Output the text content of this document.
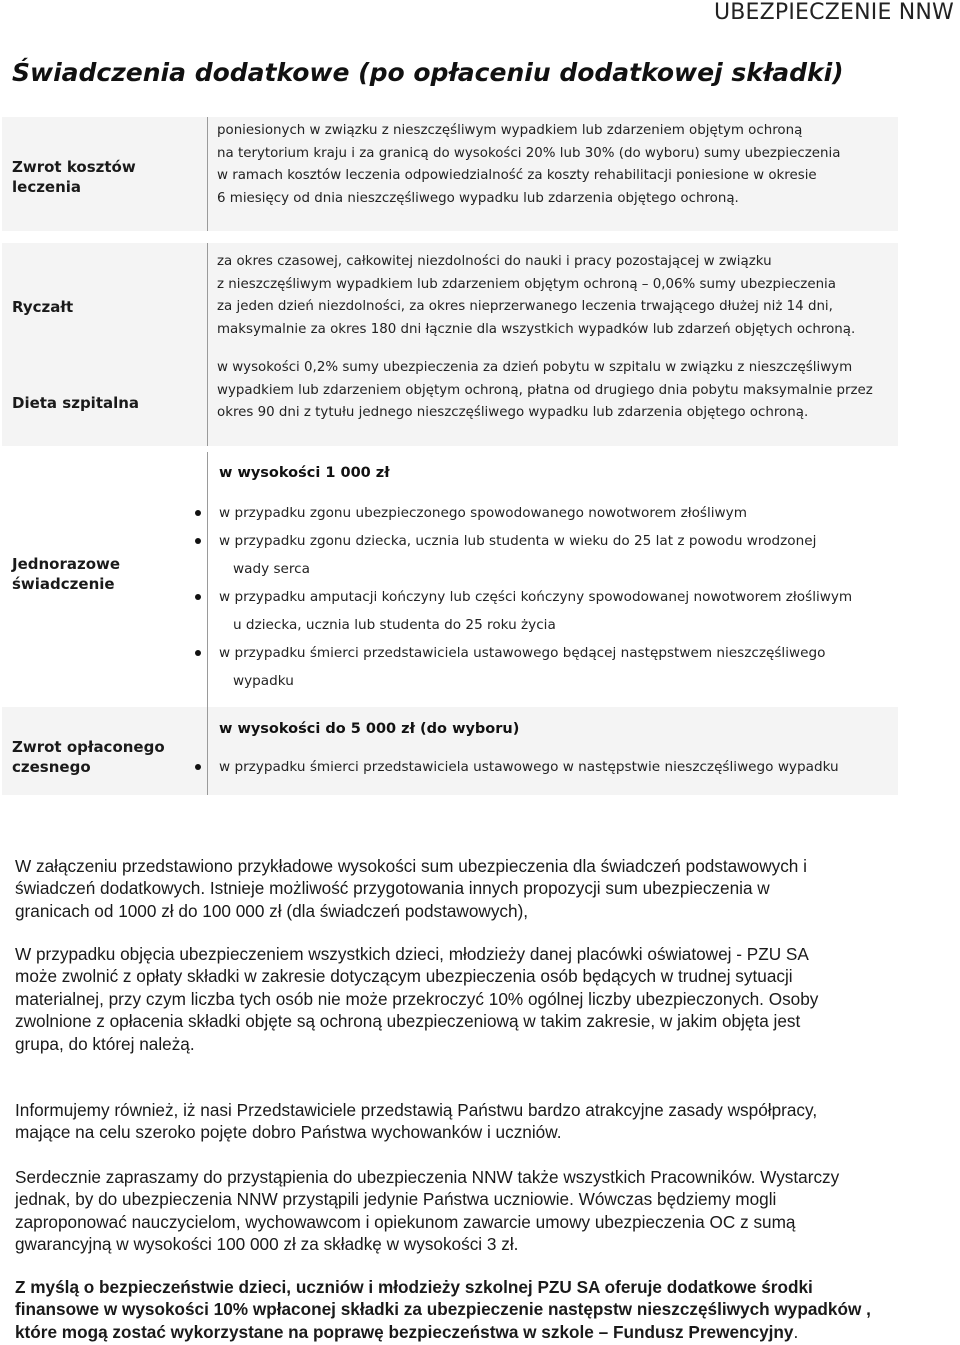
UBEZPIECZENIE NNW
Świadczenia dodatkowe (po opłaceniu dodatkowej składki)
Zwrot kosztów
leczenia
poniesionych w związku z nieszczęśliwym wypadkiem lub zdarzeniem objętym ochroną
na terytorium kraju i za granicą do wysokości 20% lub 30% (do wyboru) sumy ubezpieczenia
w ramach kosztów leczenia odpowiedzialność za koszty rehabilitacji poniesione w okresie
6 miesięcy od dnia nieszczęśliwego wypadku lub zdarzenia objętego ochroną.
Ryczałt
za okres czasowej, całkowitej niezdolności do nauki i pracy pozostającej w związku
z nieszczęśliwym wypadkiem lub zdarzeniem objętym ochroną – 0,06% sumy ubezpieczenia
za jeden dzień niezdolności, za okres nieprzerwanego leczenia trwającego dłużej niż 14 dni,
maksymalnie za okres 180 dni łącznie dla wszystkich wypadków lub zdarzeń objętych ochroną.
Dieta szpitalna
w wysokości 0,2% sumy ubezpieczenia za dzień pobytu w szpitalu w związku z nieszczęśliwym
wypadkiem lub zdarzeniem objętym ochroną, płatna od drugiego dnia pobytu maksymalnie przez
okres 90 dni z tytułu jednego nieszczęśliwego wypadku lub zdarzenia objętego ochroną.
Jednorazowe
świadczenie
w wysokości 1 000 zł
w przypadku zgonu ubezpieczonego spowodowanego nowotworem złośliwym
w przypadku zgonu dziecka, ucznia lub studenta w wieku do 25 lat z powodu wrodzonej
wady serca
w przypadku amputacji kończyny lub części kończyny spowodowanej nowotworem złośliwym
u dziecka, ucznia lub studenta do 25 roku życia
w przypadku śmierci przedstawiciela ustawowego będącej następstwem nieszczęśliwego
wypadku
Zwrot opłaconego
czesnego
w wysokości do 5 000 zł (do wyboru)
w przypadku śmierci przedstawiciela ustawowego w następstwie nieszczęśliwego wypadku
W załączeniu przedstawiono przykładowe wysokości sum ubezpieczenia dla świadczeń podstawowych i
świadczeń dodatkowych. Istnieje możliwość przygotowania innych propozycji sum ubezpieczenia w
granicach od 1000 zł do 100 000 zł (dla świadczeń podstawowych),
W przypadku objęcia ubezpieczeniem wszystkich dzieci, młodzieży danej placówki oświatowej - PZU SA
może zwolnić z opłaty składki w zakresie dotyczącym ubezpieczenia osób będących w trudnej sytuacji
materialnej, przy czym liczba tych osób nie może przekroczyć 10% ogólnej liczby ubezpieczonych. Osoby
zwolnione z opłacenia składki objęte są ochroną ubezpieczeniową w takim zakresie, w jakim objęta jest
grupa, do której należą.
Informujemy również, iż nasi Przedstawiciele przedstawią Państwu bardzo atrakcyjne zasady współpracy,
mające na celu szeroko pojęte dobro Państwa wychowanków i uczniów.
Serdecznie zapraszamy do przystąpienia do ubezpieczenia NNW także wszystkich Pracowników. Wystarczy
jednak, by do ubezpieczenia NNW przystąpili jedynie Państwa uczniowie. Wówczas będziemy mogli
zaproponować nauczycielom, wychowawcom i opiekunom zawarcie umowy ubezpieczenia OC z sumą
gwarancyjną w wysokości 100 000 zł za składkę w wysokości 3 zł.
Z myślą o bezpieczeństwie dzieci, uczniów i młodzieży szkolnej PZU SA oferuje dodatkowe środki
finansowe w wysokości 10% wpłaconej składki za ubezpieczenie następstw nieszczęśliwych wypadków ,
które mogą zostać wykorzystane na poprawę bezpieczeństwa w szkole – Fundusz Prewencyjny.
